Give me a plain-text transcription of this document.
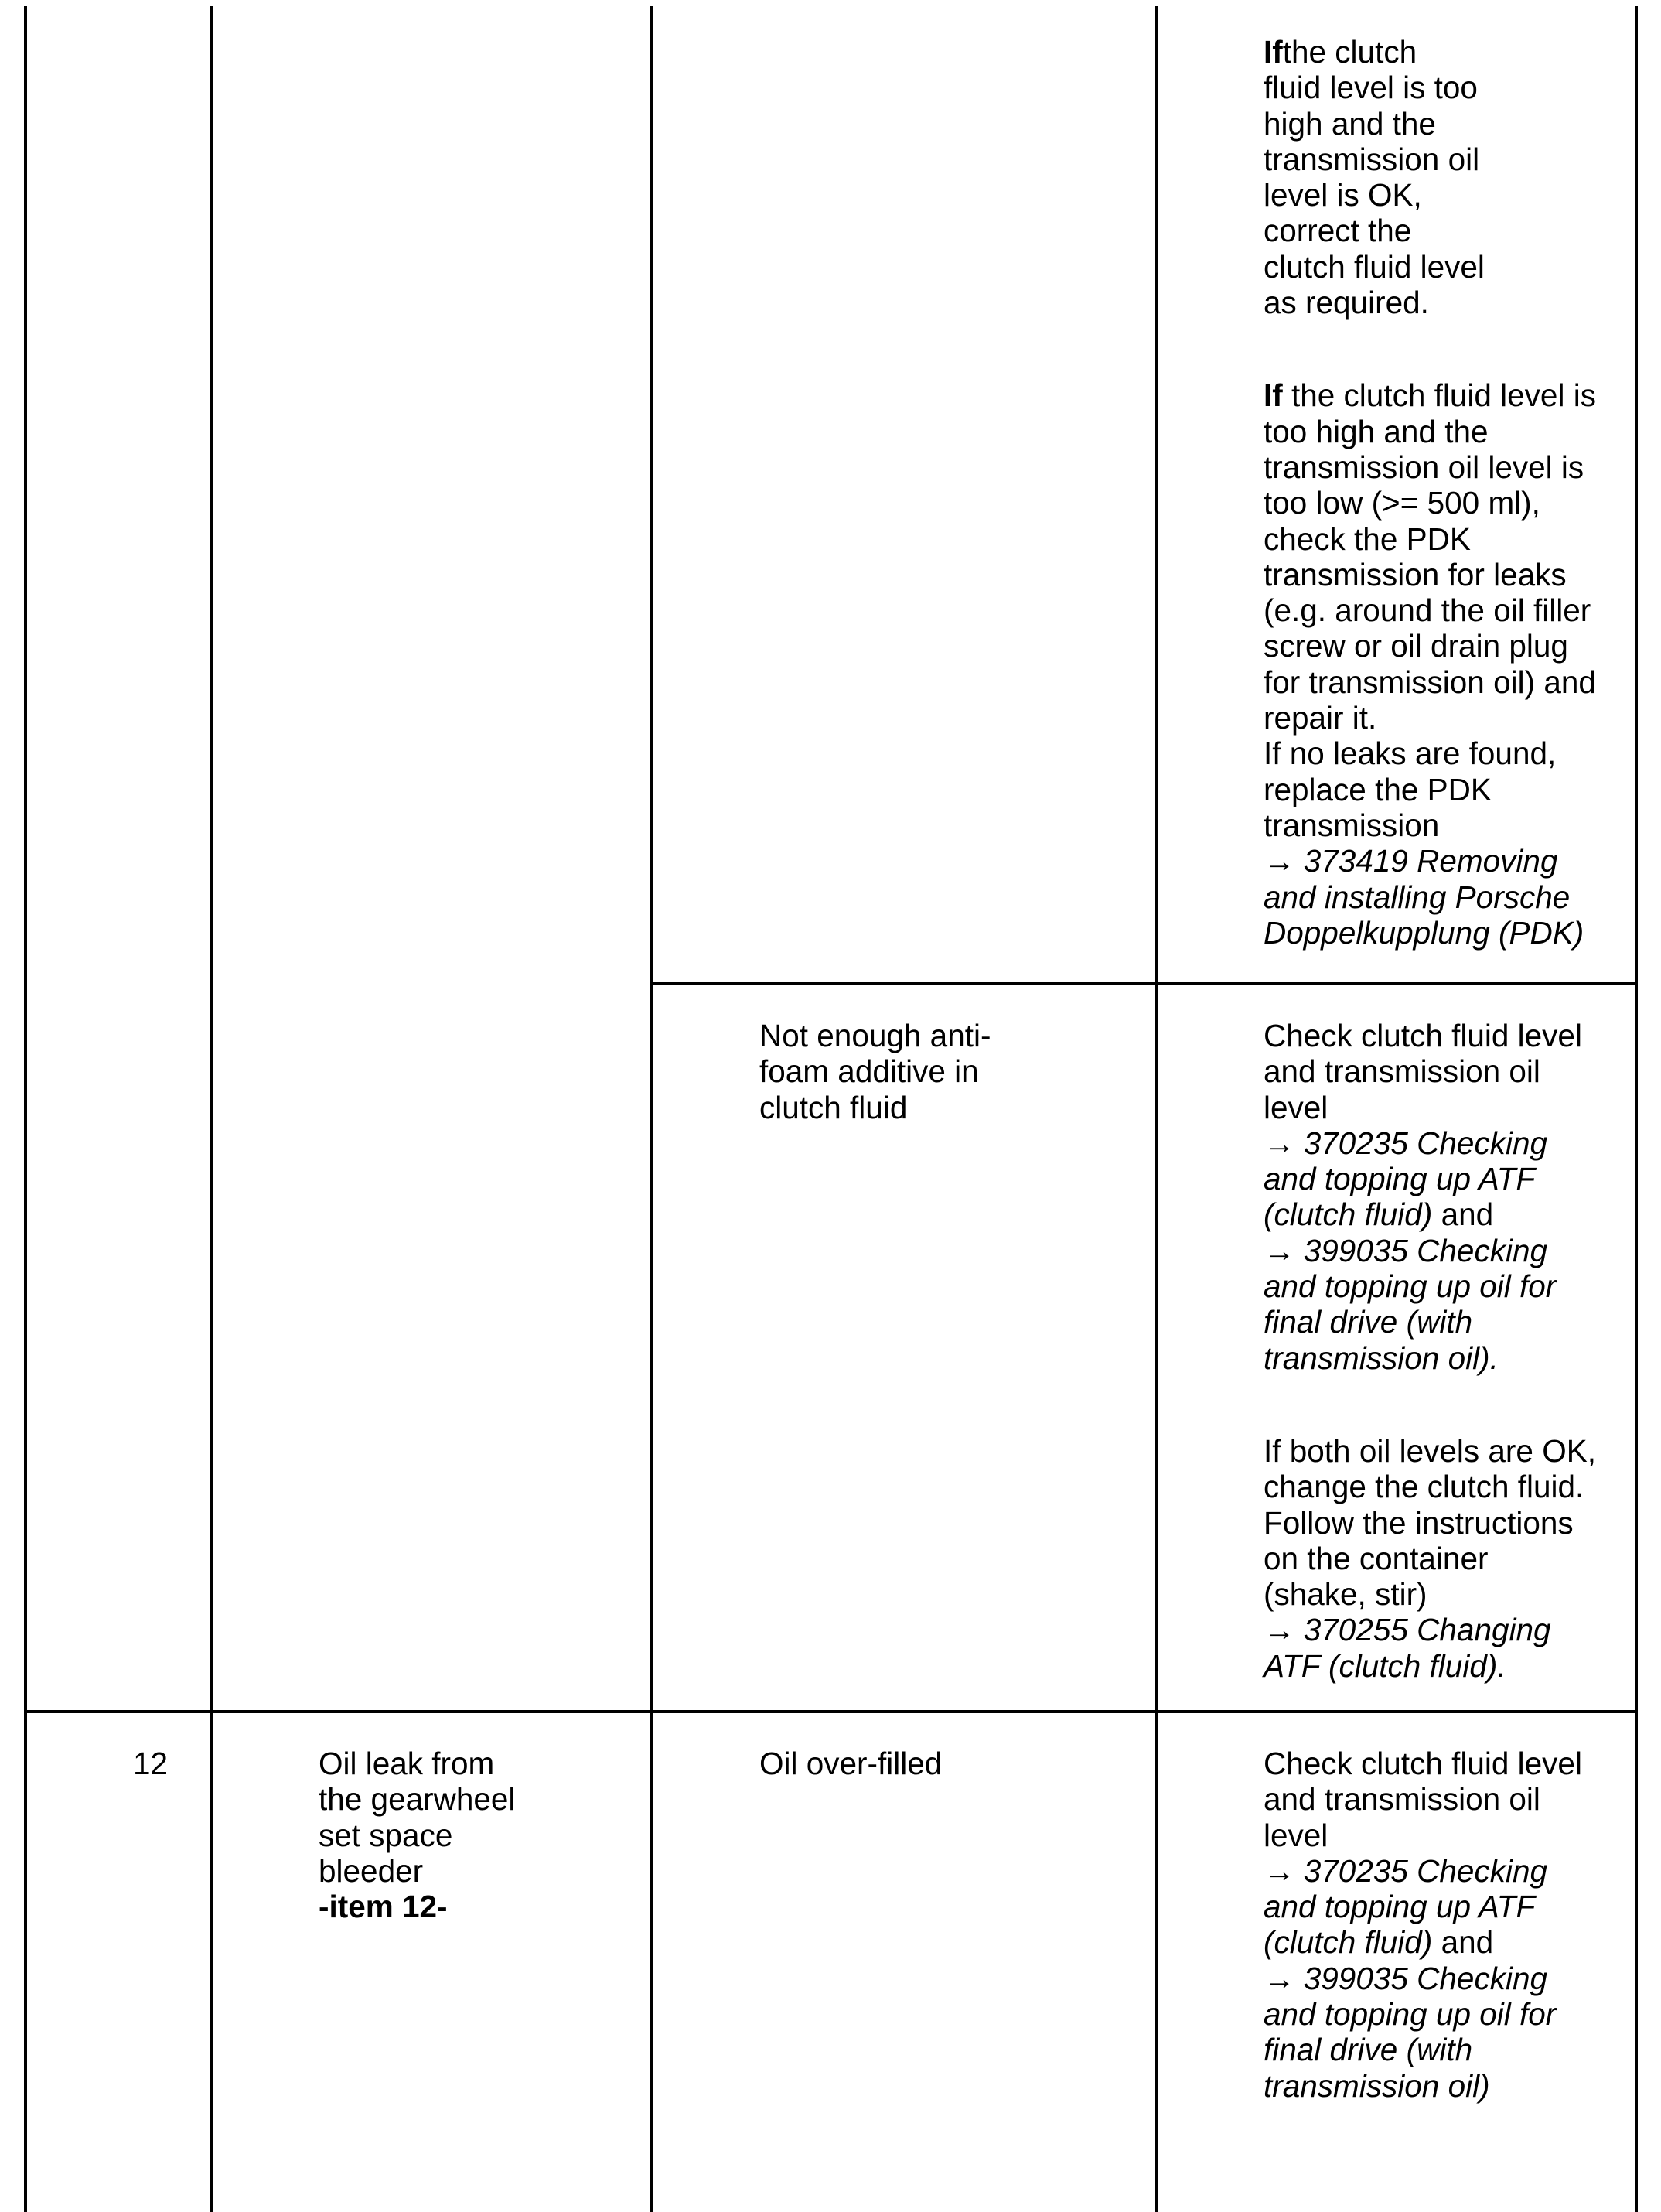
Ifthe clutch
fluid level is too
high and the
transmission oil
level is OK,
correct the
clutch fluid level
as required.
If the clutch fluid level is
too high and the
transmission oil level is
too low (>= 500 ml),
check the PDK
transmission for leaks
(e.g. around the oil filler
screw or oil drain plug
for transmission oil) and
repair it.
If no leaks are found,
replace the PDK
transmission
→ 373419 Removing
and installing Porsche
Doppelkupplung (PDK)
Not enough anti-
foam additive in
clutch fluid
Check clutch fluid level
and transmission oil
level
→ 370235 Checking
and topping up ATF
(clutch fluid) and
→ 399035 Checking
and topping up oil for
final drive (with
transmission oil).
If both oil levels are OK,
change the clutch fluid.
Follow the instructions
on the container
(shake, stir)
→ 370255 Changing
ATF (clutch fluid).
12	Oil leak from
the gearwheel
set space
bleeder
-item 12-
Oil over-filled	Check clutch fluid level
and transmission oil
level
→ 370235 Checking
and topping up ATF
(clutch fluid) and
→ 399035 Checking
and topping up oil for
final drive (with
transmission oil)
